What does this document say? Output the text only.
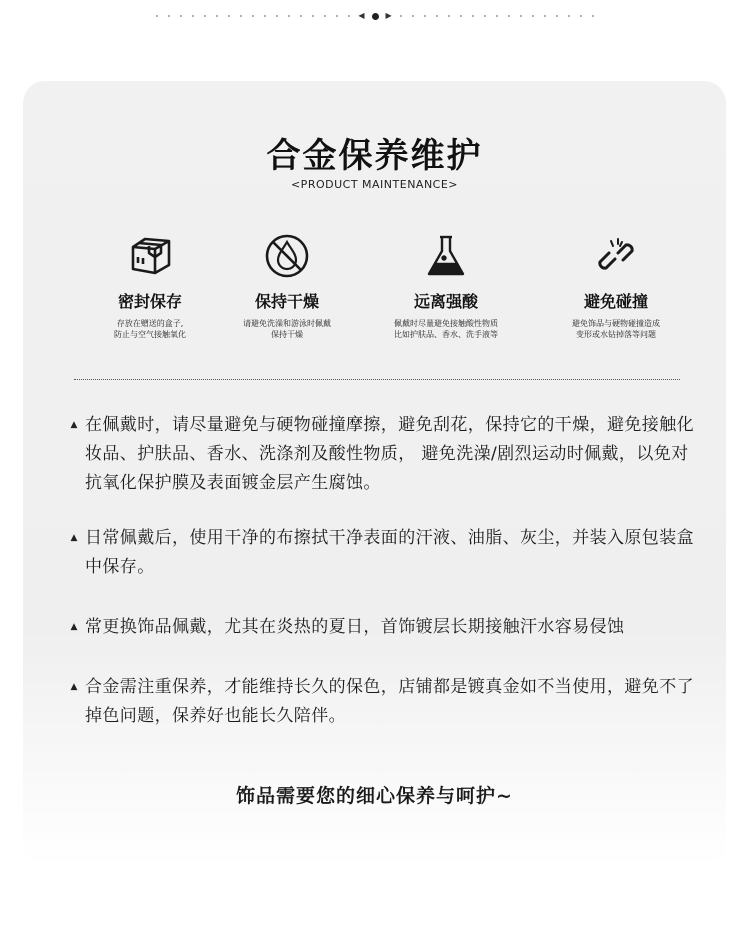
◀	▶
合金保养维护
<PRODUCT MAINTENANCE>
密封保存
存放在赠送的盒子,
防止与空气接触氧化
保持干燥
请避免洗澡和游泳时佩戴
保持干燥
远离强酸
佩戴时尽量避免接触酸性物质
比如护肤品、香水、洗手液等
避免碰撞
避免饰品与硬物碰撞造成
变形或水钻掉落等问题
▲ 在佩戴时，请尽量避免与硬物碰撞摩擦，避免刮花，保持它的干燥，避免接触化妆品、护肤品、香水、洗涤剂及酸性物质， 避免洗澡/剧烈运动时佩戴，以免对抗氧化保护膜及表面镀金层产生腐蚀。
▲ 日常佩戴后，使用干净的布擦拭干净表面的汗液、油脂、灰尘，并装入原包装盒中保存。
▲ 常更换饰品佩戴，尤其在炎热的夏日，首饰镀层长期接触汗水容易侵蚀
▲ 合金需注重保养，才能维持长久的保色，店铺都是镀真金如不当使用，避免不了掉色问题，保养好也能长久陪伴。
饰品需要您的细心保养与呵护~
